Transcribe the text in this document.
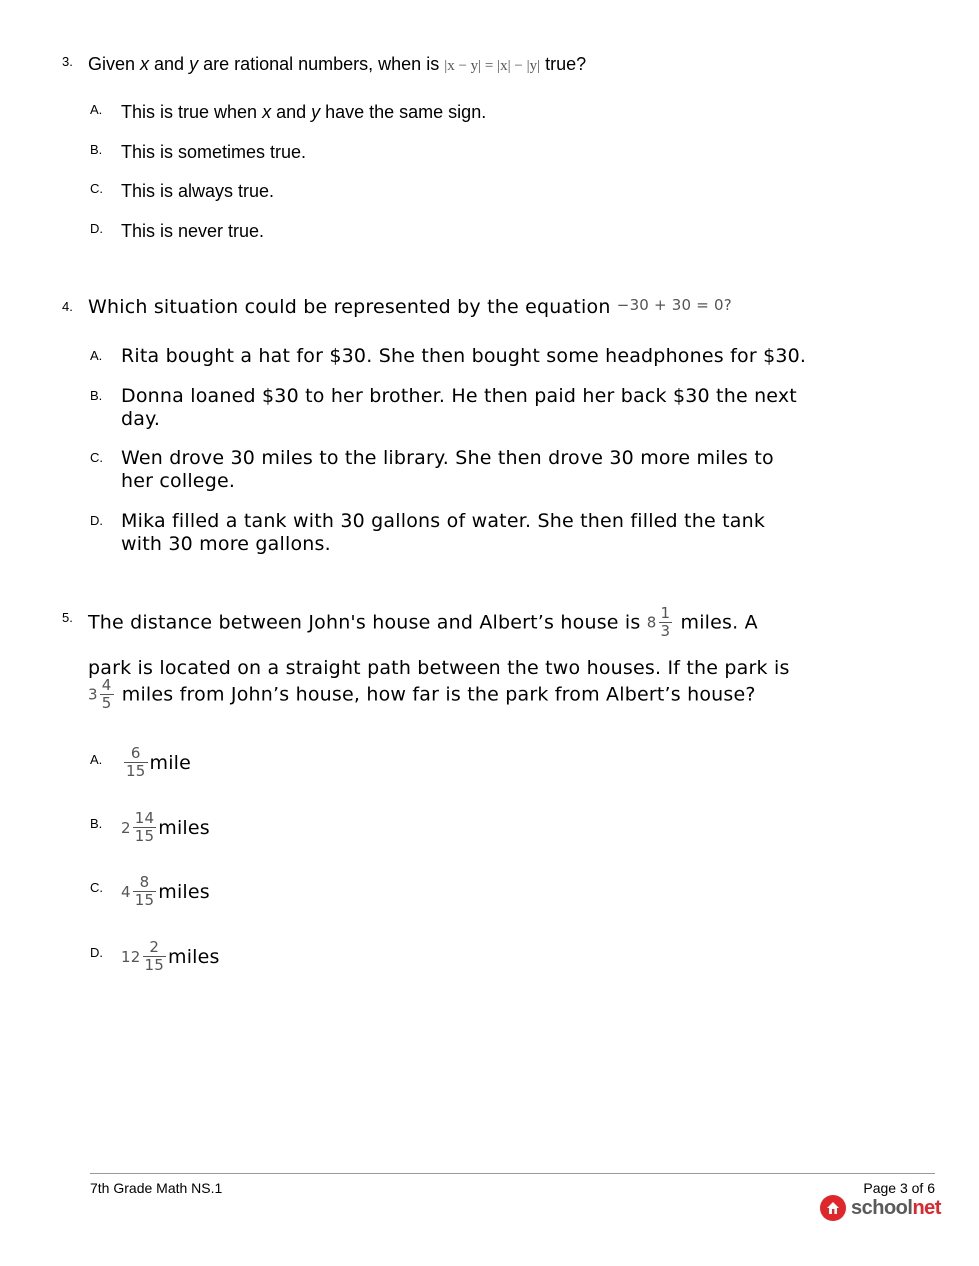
3. Given x and y are rational numbers, when is |x − y| = |x| − |y| true?
A. This is true when x and y have the same sign.
B. This is sometimes true.
C. This is always true.
D. This is never true.
4. Which situation could be represented by the equation −30 + 30 = 0?
A. Rita bought a hat for $30. She then bought some headphones for $30.
B. Donna loaned $30 to her brother. He then paid her back $30 the next
day.
C. Wen drove 30 miles to the library. She then drove 30 more miles to
her college.
D. Mika filled a tank with 30 gallons of water. She then filled the tank
with 30 more gallons.
5. The distance between John's house and Albert’s house is $8 \frac{1}{3}$ miles. A
park is located on a straight path between the two houses. If the park is
$3 \frac{4}{5}$ miles from John’s house, how far is the park from Albert’s house?
A. $\frac{6}{15}$ mile
B. $2 \frac{14}{15}$ miles
C. $4 \frac{8}{15}$ miles
D. $12 \frac{2}{15}$ miles
7th Grade Math NS.1	Page 3 of 6
schoolnet
